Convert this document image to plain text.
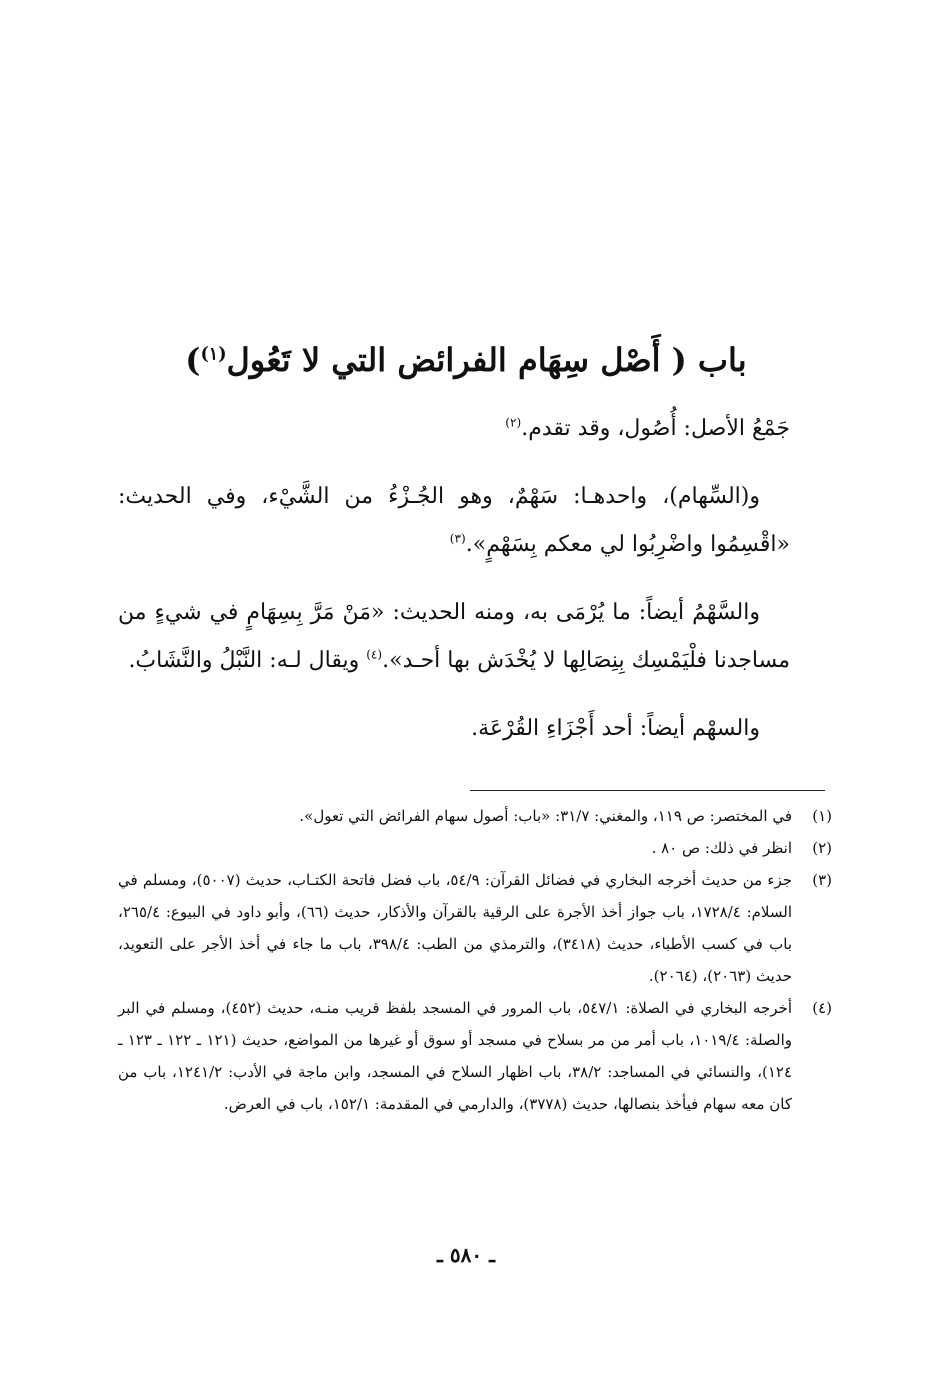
باب ( أَصْل سِهَام الفرائض التي لا تَعُول$^{(١)}$)

جَمْعُ الأصل: أُصُول، وقد تقدم.$^{(٢)}$

و(السِّهام)، واحدهـا: سَهْمٌ، وهو الجُـزْءُ من الشَّيْء، وفي الحديث: «اقْسِمُوا واضْرِبُوا لي معكم بِسَهْمٍ».$^{(٣)}$

والسَّهْمُ أيضاً: ما يُرْمَى به، ومنه الحديث: «مَنْ مَرَّ بِسِهَامٍ في شيءٍ من مساجدنا فلْيَمْسِك بِنِصَالِها لا يُخْدَش بها أحـد».$^{(٤)}$ ويقال لـه: النَّبْلُ والنَّشَابُ.

والسهْم أيضاً: أحد أَجْزَاءِ القُرْعَة.

(١)
في المختصر: ص ١١٩، والمغني: ٣١/٧: «باب: أصول سهام الفرائض التي تعول».
(٢)
انظر في ذلك: ص ٨٠ .
(٣)
جزء من حديث أخرجه البخاري في فضائل القرآن: ٥٤/٩، باب فضل فاتحة الكتـاب، حديث (٥٠٠٧)، ومسلم في السلام: ١٧٢٨/٤، باب جواز أخذ الأجرة على الرقية بالقرآن والأذكار، حديث (٦٦)، وأبو داود في البيوع: ٢٦٥/٤، باب في كسب الأطباء، حديث (٣٤١٨)، والترمذي من الطب: ٣٩٨/٤، باب ما جاء في أخذ الأجر على التعويد، حديث (٢٠٦٣)، (٢٠٦٤).
(٤)
أخرجه البخاري في الصلاة: ٥٤٧/١، باب المرور في المسجد بلفظ قريب منـه، حديث (٤٥٢)، ومسلم في البر والصلة: ١٠١٩/٤، باب أمر من مر بسلاح في مسجد أو سوق أو غيرها من المواضع، حديث (١٢١ ـ ١٢٢ ـ ١٢٣ ـ ١٢٤)، والنسائي في المساجد: ٣٨/٢، باب اظهار السلاح في المسجد، وابن ماجة في الأدب: ١٢٤١/٢، باب من كان معه سهام فيأخذ بنصالها، حديث (٣٧٧٨)، والدارمي في المقدمة: ١٥٢/١، باب في العرض.
ـ ٥٨٠ ـ
